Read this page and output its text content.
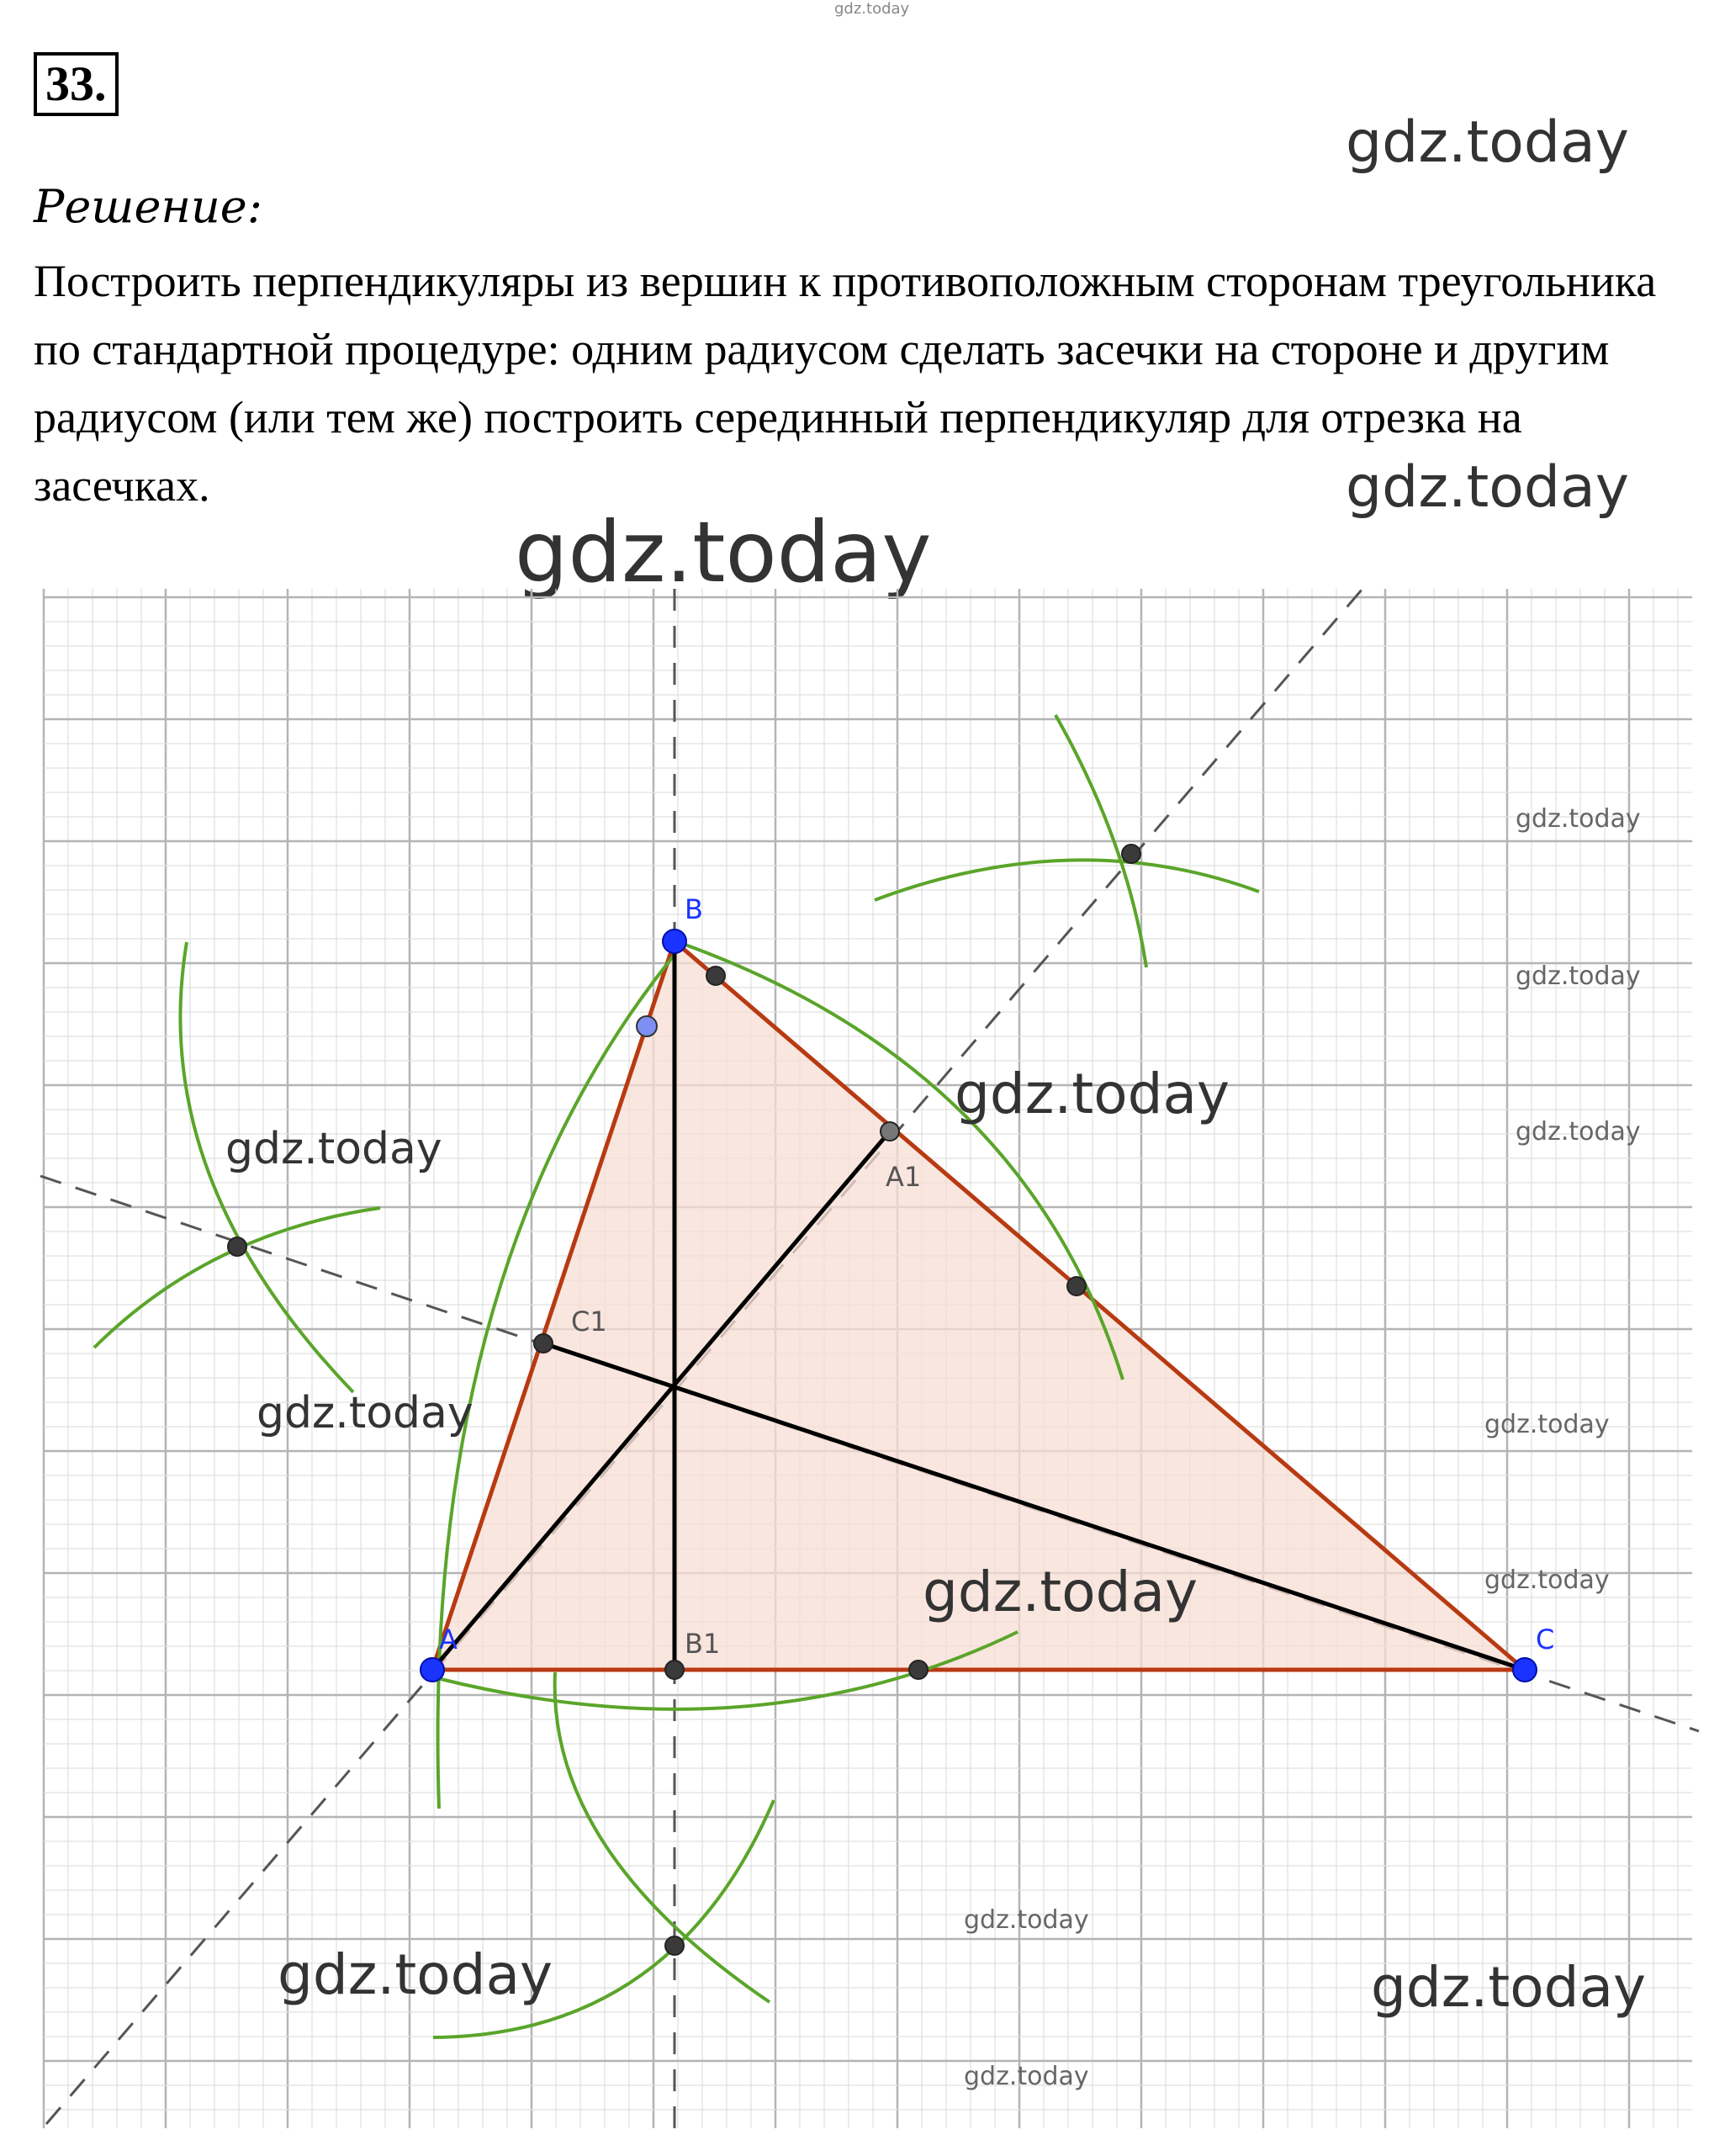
gdz.today
gdz.today
33.
Решение:
Построить перпендикуляры из вершин к противоположным сторонам треугольника по стандартной процедуре: одним радиусом сделать засечки на стороне и другим радиусом (или тем же) построить серединный перпендикуляр для отрезка на засечках.	gdz.today
gdz.today
A
B
C
A1
B1
C1
gdz.today
gdz.today
gdz.today
gdz.today
gdz.today	gdz.today
gdz.today
gdz.today
gdz.today
gdz.today
gdz.today
gdz.today
gdz.today
